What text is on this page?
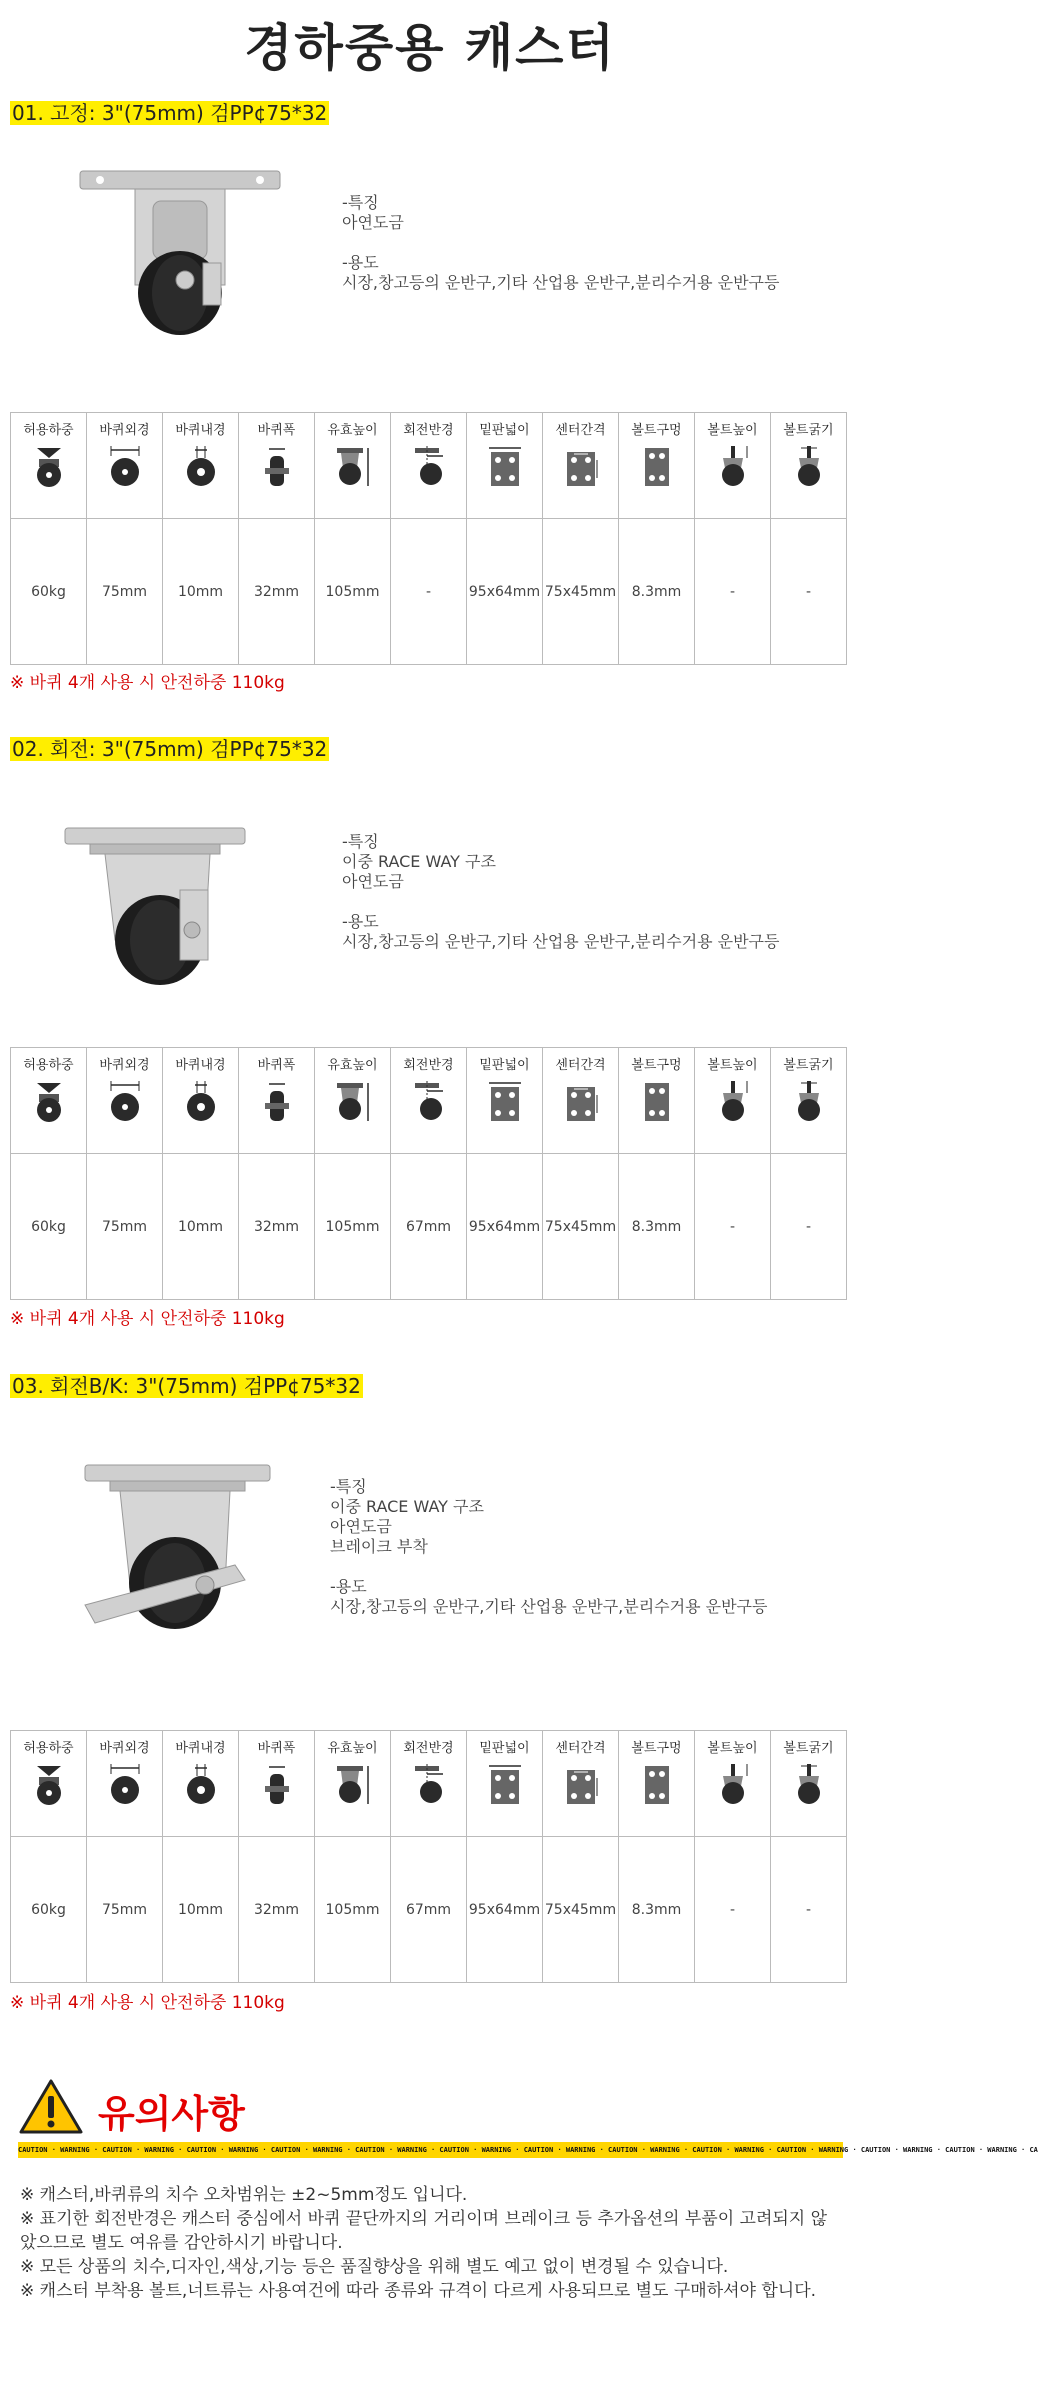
경하중용 캐스터
01. 고정: 3"(75mm) 검PP¢75*32
-특징
아연도금

-용도
시장,창고등의 운반구,기타 산업용 운반구,분리수거용 운반구등
허용하중	바퀴외경	바퀴내경	바퀴폭	유효높이	회전반경	밑판넓이	센터간격	볼트구멍	볼트높이	볼트굵기

60kg	75mm	10mm	32mm	105mm	-	95x64mm	75x45mm	8.3mm	-	-
※ 바퀴 4개 사용 시 안전하중 110kg
02. 회전: 3"(75mm) 검PP¢75*32
-특징
이중 RACE WAY 구조
아연도금

-용도
시장,창고등의 운반구,기타 산업용 운반구,분리수거용 운반구등
허용하중	바퀴외경	바퀴내경	바퀴폭	유효높이	회전반경	밑판넓이	센터간격	볼트구멍	볼트높이	볼트굵기

60kg	75mm	10mm	32mm	105mm	67mm	95x64mm	75x45mm	8.3mm	-	-
※ 바퀴 4개 사용 시 안전하중 110kg
03. 회전B/K: 3"(75mm) 검PP¢75*32
-특징
이중 RACE WAY 구조
아연도금
브레이크 부착

-용도
시장,창고등의 운반구,기타 산업용 운반구,분리수거용 운반구등
허용하중	바퀴외경	바퀴내경	바퀴폭	유효높이	회전반경	밑판넓이	센터간격	볼트구멍	볼트높이	볼트굵기

60kg	75mm	10mm	32mm	105mm	67mm	95x64mm	75x45mm	8.3mm	-	-
※ 바퀴 4개 사용 시 안전하중 110kg
유의사항
CAUTION · WARNING · CAUTION · WARNING · CAUTION · WARNING · CAUTION · WARNING · CAUTION · WARNING · CAUTION · WARNING · CAUTION · WARNING · CAUTION · WARNING · CAUTION · WARNING · CAUTION · WARNING · CAUTION · WARNING · CAUTION · WARNING · CA
※ 캐스터,바퀴류의 치수 오차범위는 ±2~5mm정도 입니다.
※ 표기한 회전반경은 캐스터 중심에서 바퀴 끝단까지의 거리이며 브레이크 등 추가옵션의 부품이 고려되지 않았으므로 별도 여유를 감안하시기 바랍니다.
※ 모든 상품의 치수,디자인,색상,기능 등은 품질향상을 위해 별도 예고 없이 변경될 수 있습니다.
※ 캐스터 부착용 볼트,너트류는 사용여건에 따라 종류와 규격이 다르게 사용되므로 별도 구매하셔야 합니다.
